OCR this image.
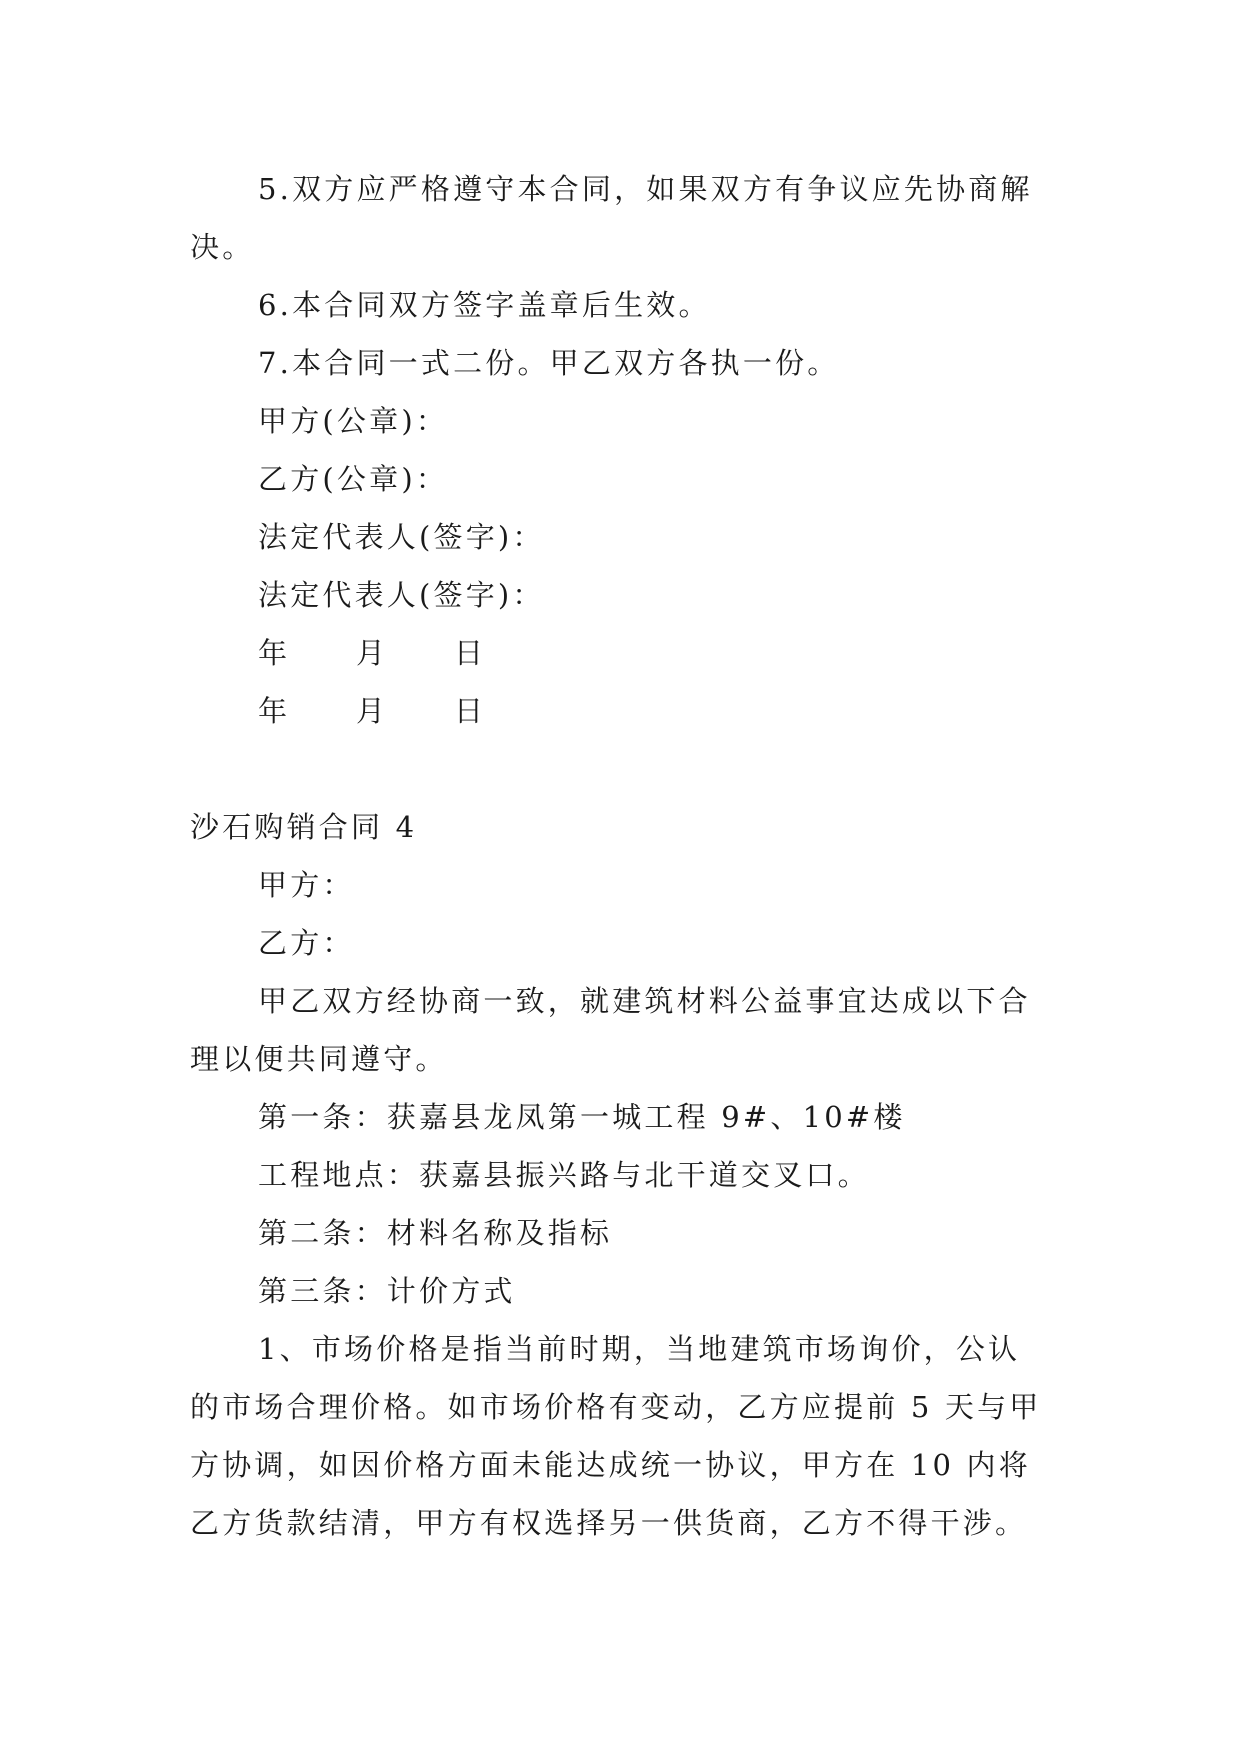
5.双方应严格遵守本合同，如果双方有争议应先协商解

决。

6.本合同双方签字盖章后生效。

7.本合同一式二份。甲乙双方各执一份。

甲方(公章)：

乙方(公章)：

法定代表人(签字)：

法定代表人(签字)：

年 月 日

年 月 日

沙石购销合同 4

甲方：

乙方：

甲乙双方经协商一致，就建筑材料公益事宜达成以下合

理以便共同遵守。

第一条：获嘉县龙凤第一城工程 9#、10#楼

工程地点：获嘉县振兴路与北干道交叉口。

第二条：材料名称及指标

第三条：计价方式

1、市场价格是指当前时期，当地建筑市场询价，公认

的市场合理价格。如市场价格有变动，乙方应提前 5 天与甲

方协调，如因价格方面未能达成统一协议，甲方在 10 内将

乙方货款结清，甲方有权选择另一供货商，乙方不得干涉。
